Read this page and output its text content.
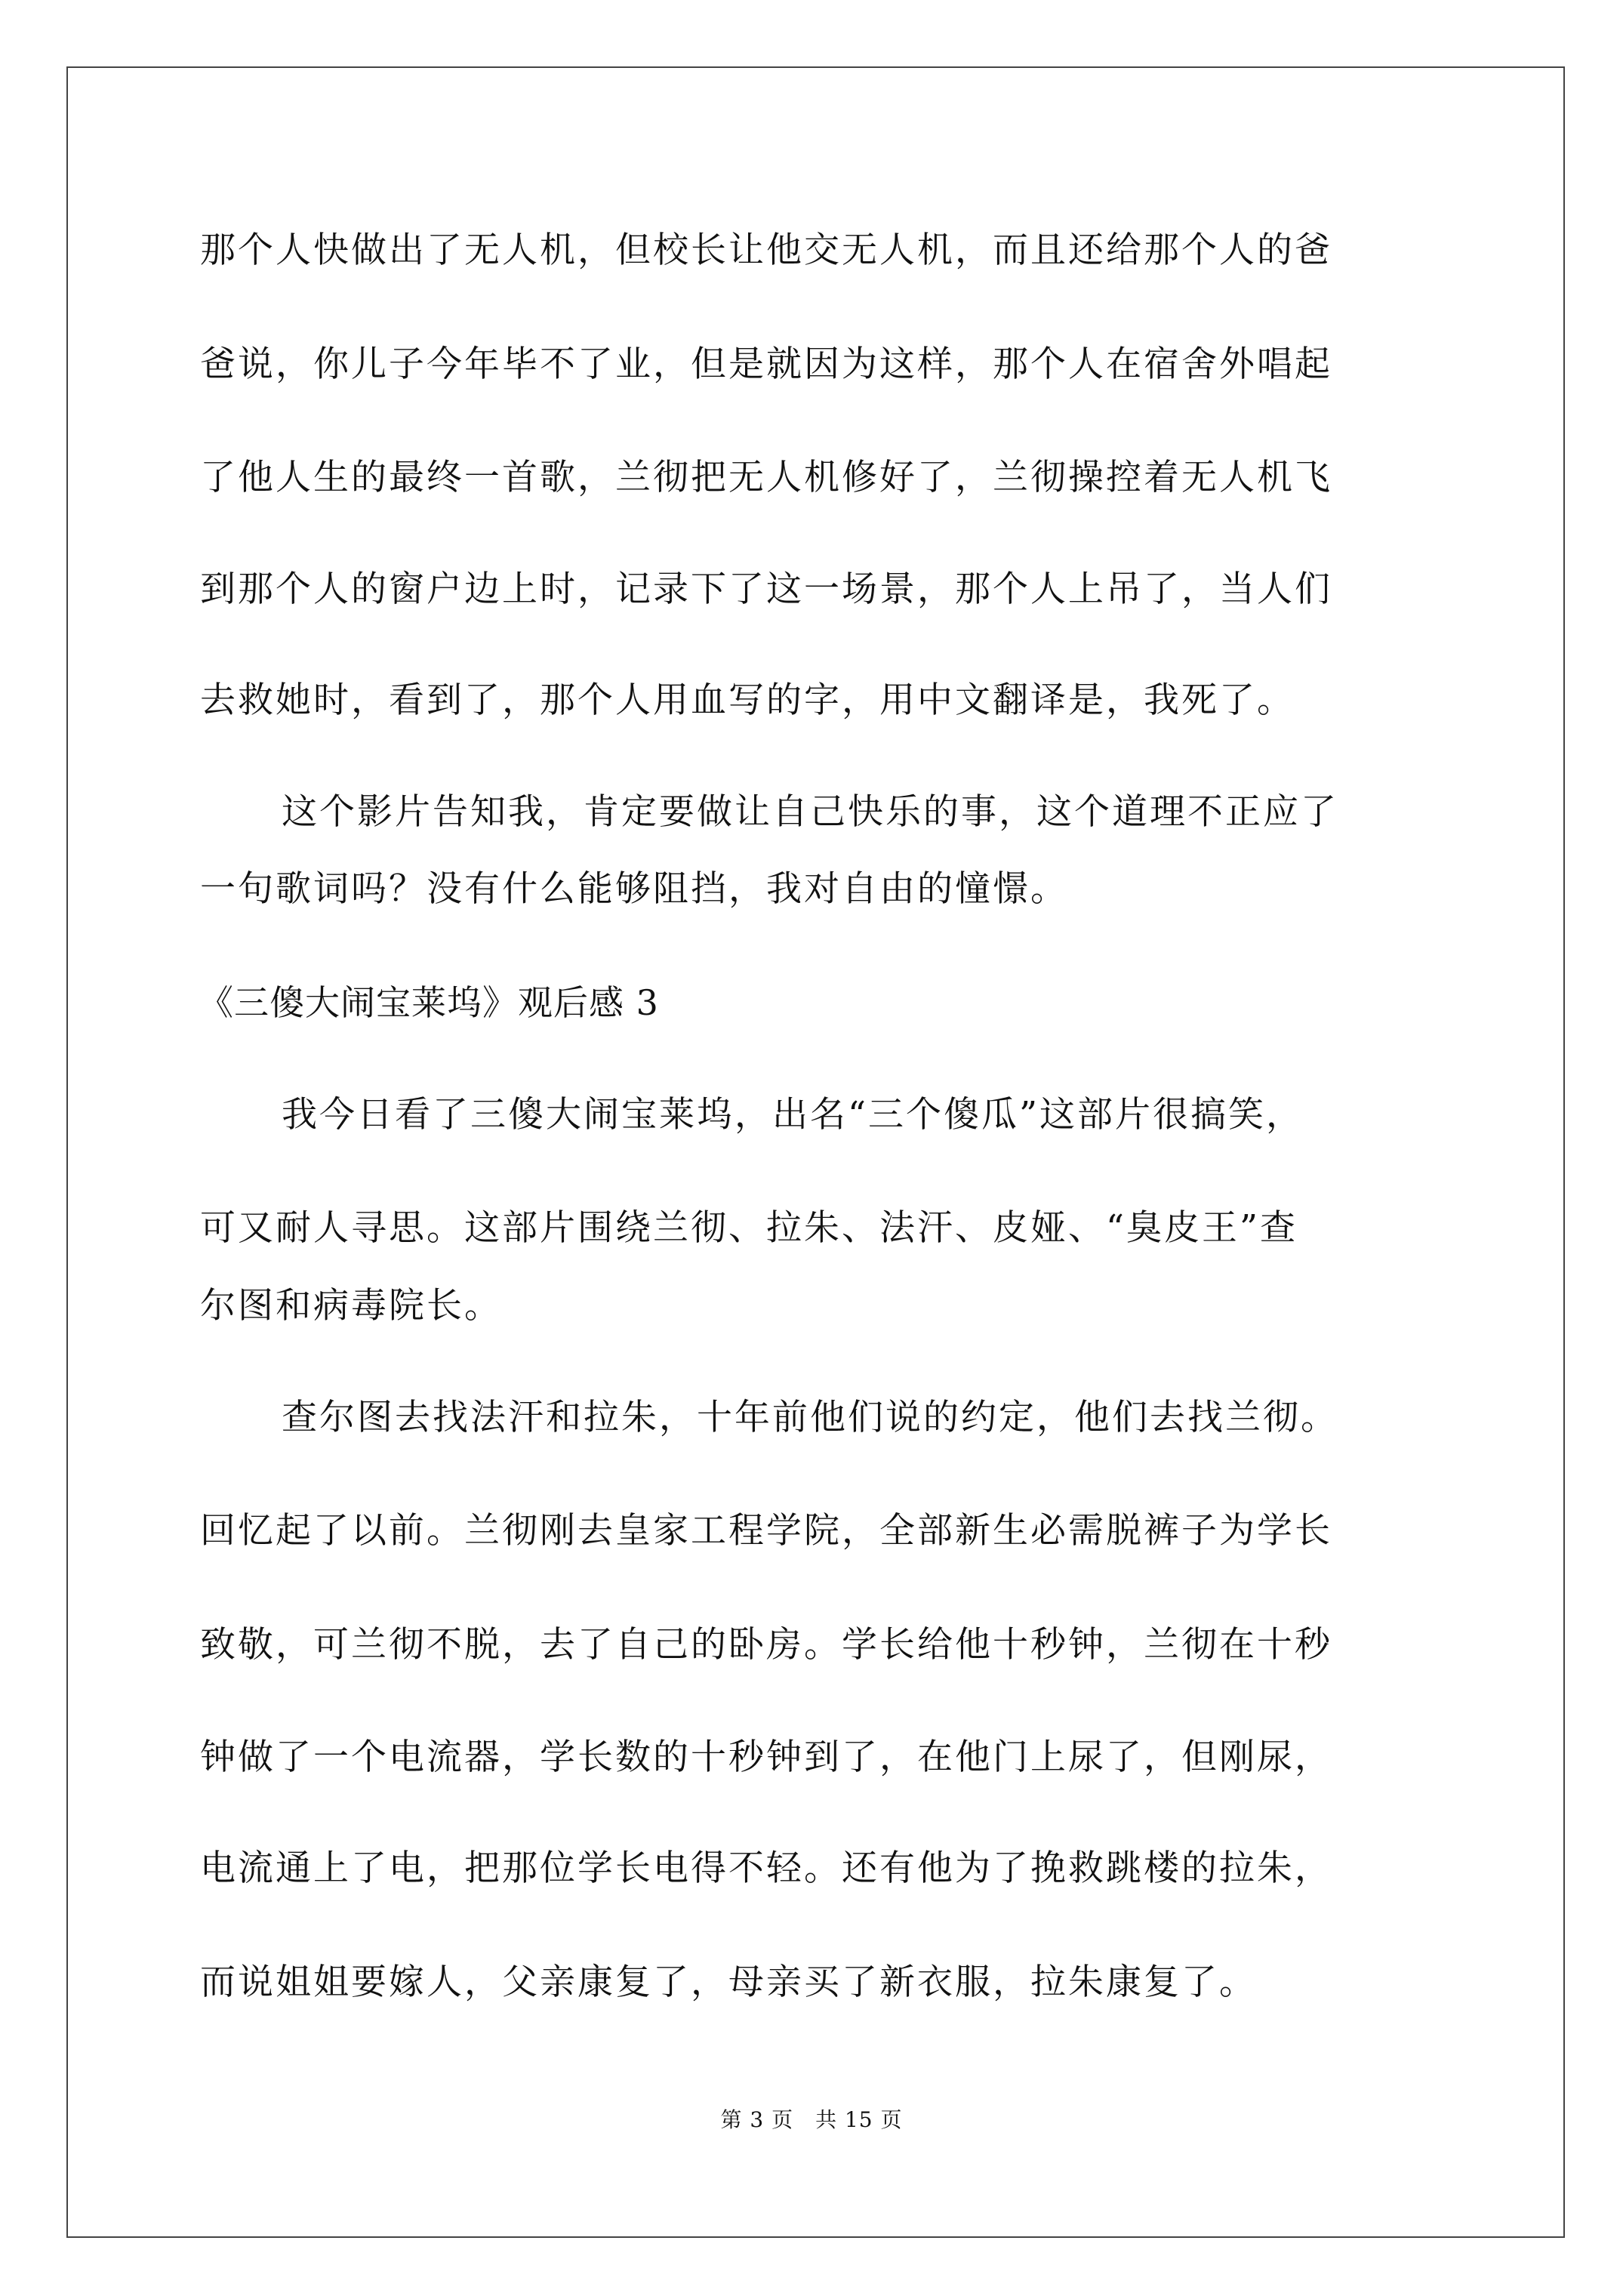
那个人快做出了无人机，但校长让他交无人机，而且还给那个人的爸
爸说，你儿子今年毕不了业，但是就因为这样，那个人在宿舍外唱起
了他人生的最终一首歌，兰彻把无人机修好了，兰彻操控着无人机飞
到那个人的窗户边上时，记录下了这一场景，那个人上吊了，当人们
去救她时，看到了，那个人用血写的字，用中文翻译是，我死了。
这个影片告知我，肯定要做让自己快乐的事，这个道理不正应了
一句歌词吗？没有什么能够阻挡，我对自由的憧憬。
《三傻大闹宝莱坞》观后感 3
我今日看了三傻大闹宝莱坞，出名“三个傻瓜”这部片很搞笑，
可又耐人寻思。这部片围绕兰彻、拉朱、法汗、皮娅、“臭皮王”查
尔图和病毒院长。
查尔图去找法汗和拉朱，十年前他们说的约定，他们去找兰彻。
回忆起了以前。兰彻刚去皇家工程学院，全部新生必需脱裤子为学长
致敬，可兰彻不脱，去了自己的卧房。学长给他十秒钟，兰彻在十秒
钟做了一个电流器，学长数的十秒钟到了，在他门上尿了，但刚尿，
电流通上了电，把那位学长电得不轻。还有他为了挽救跳楼的拉朱，
而说姐姐要嫁人，父亲康复了，母亲买了新衣服，拉朱康复了。
第 3 页　共 15 页
